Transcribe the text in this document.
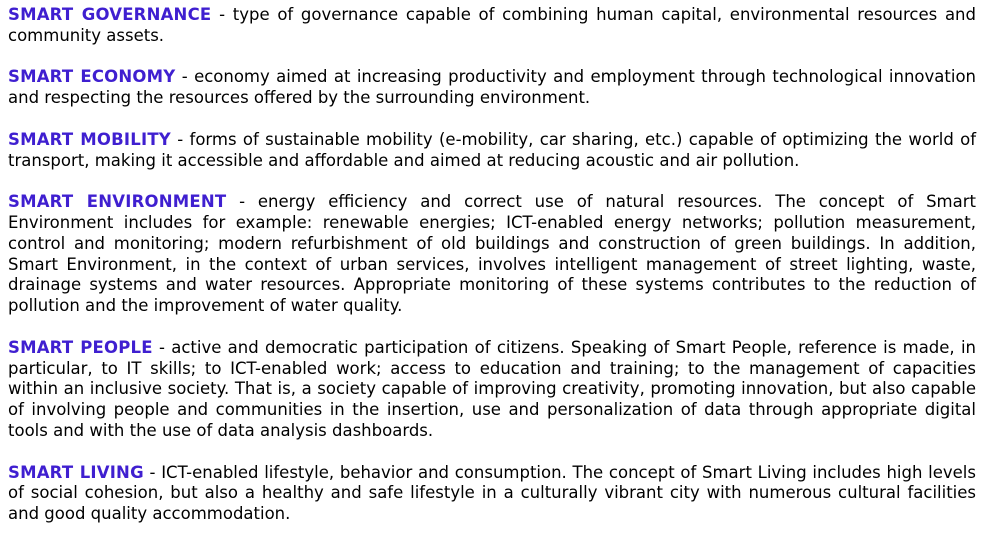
SMART GOVERNANCE - type of governance capable of combining human capital, environmental resources and community assets.

SMART ECONOMY - economy aimed at increasing productivity and employment through technological innovation and respecting the resources offered by the surrounding environment.

SMART MOBILITY - forms of sustainable mobility (e-mobility, car sharing, etc.) capable of optimizing the world of transport, making it accessible and affordable and aimed at reducing acoustic and air pollution.

SMART ENVIRONMENT - energy efficiency and correct use of natural resources. The concept of Smart Environment includes for example: renewable energies; ICT-enabled energy networks; pollution measurement, control and monitoring; modern refurbishment of old buildings and construction of green buildings. In addition, Smart Environment, in the context of urban services, involves intelligent management of street lighting, waste, drainage systems and water resources. Appropriate monitoring of these systems contributes to the reduction of pollution and the improvement of water quality.

SMART PEOPLE - active and democratic participation of citizens. Speaking of Smart People, reference is made, in particular, to IT skills; to ICT-enabled work; access to education and training; to the management of capacities within an inclusive society. That is, a society capable of improving creativity, promoting innovation, but also capable of involving people and communities in the insertion, use and personalization of data through appropriate digital tools and with the use of data analysis dashboards.

SMART LIVING - ICT-enabled lifestyle, behavior and consumption. The concept of Smart Living includes high levels of social cohesion, but also a healthy and safe lifestyle in a culturally vibrant city with numerous cultural facilities and good quality accommodation.
